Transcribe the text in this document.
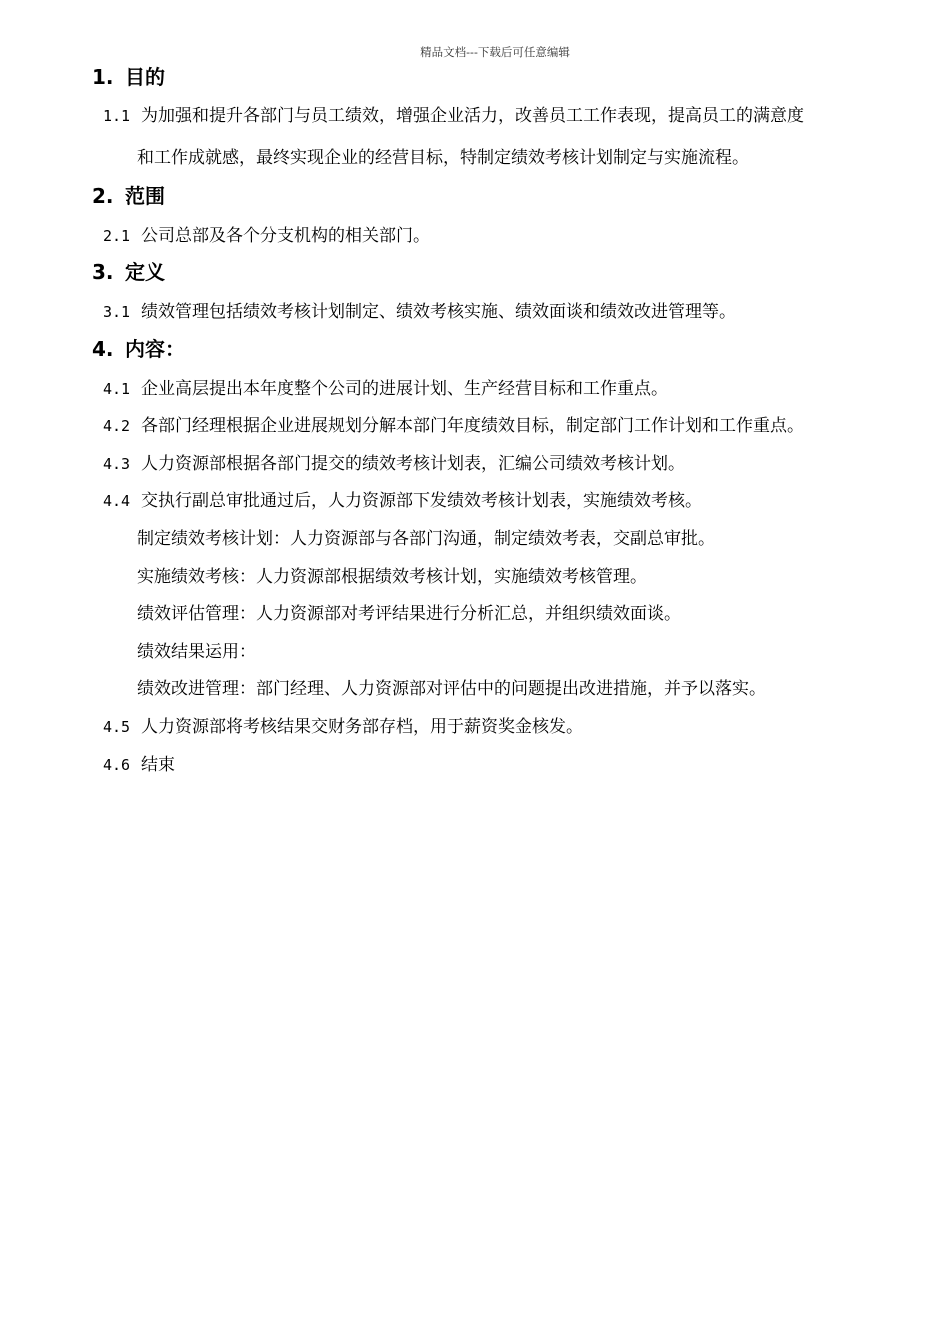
精品文档---下载后可任意编辑
1. 目的
1.1 为加强和提升各部门与员工绩效，增强企业活力，改善员工工作表现，提高员工的满意度
和工作成就感，最终实现企业的经营目标，特制定绩效考核计划制定与实施流程。
2. 范围
2.1 公司总部及各个分支机构的相关部门。
3. 定义
3.1 绩效管理包括绩效考核计划制定、绩效考核实施、绩效面谈和绩效改进管理等。
4. 内容：
4.1 企业高层提出本年度整个公司的进展计划、生产经营目标和工作重点。
4.2 各部门经理根据企业进展规划分解本部门年度绩效目标，制定部门工作计划和工作重点。
4.3 人力资源部根据各部门提交的绩效考核计划表，汇编公司绩效考核计划。
4.4 交执行副总审批通过后，人力资源部下发绩效考核计划表，实施绩效考核。
制定绩效考核计划：人力资源部与各部门沟通，制定绩效考表，交副总审批。
实施绩效考核：人力资源部根据绩效考核计划，实施绩效考核管理。
绩效评估管理：人力资源部对考评结果进行分析汇总，并组织绩效面谈。
绩效结果运用：
绩效改进管理：部门经理、人力资源部对评估中的问题提出改进措施，并予以落实。
4.5 人力资源部将考核结果交财务部存档，用于薪资奖金核发。
4.6 结束
